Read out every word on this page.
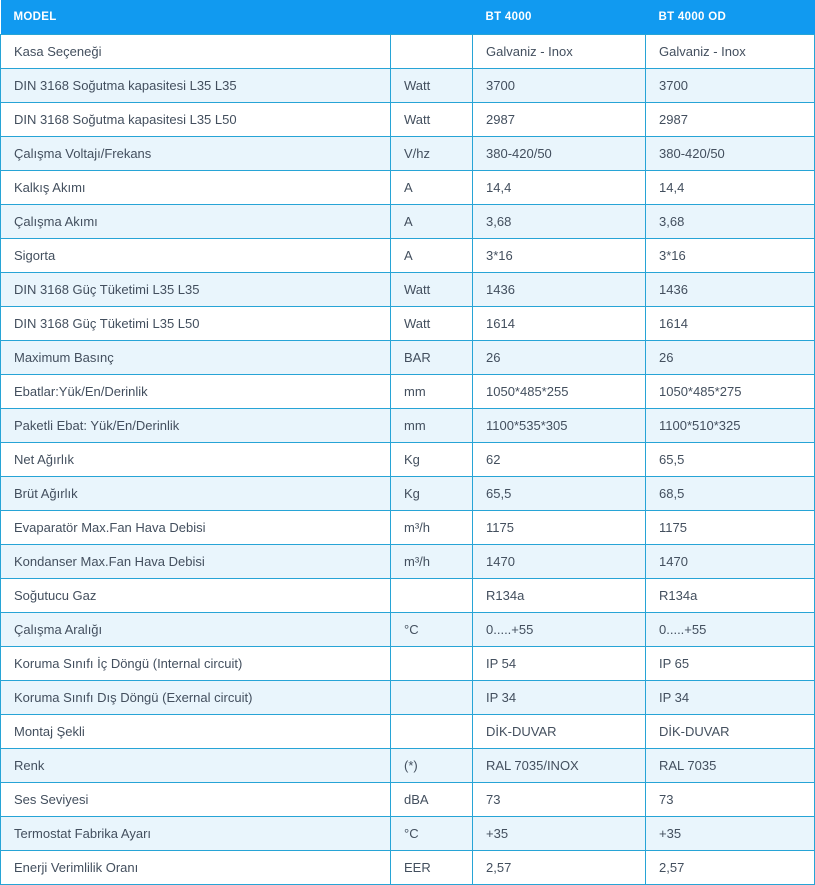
MODEL		BT 4000	BT 4000 OD
Kasa Seçeneği		Galvaniz - Inox	Galvaniz - Inox
DIN 3168 Soğutma kapasitesi L35 L35	Watt	3700	3700
DIN 3168 Soğutma kapasitesi L35 L50	Watt	2987	2987
Çalışma Voltajı/Frekans	V/hz	380-420/50	380-420/50
Kalkış Akımı	A	14,4	14,4
Çalışma Akımı	A	3,68	3,68
Sigorta	A	3*16	3*16
DIN 3168 Güç Tüketimi L35 L35	Watt	1436	1436
DIN 3168 Güç Tüketimi L35 L50	Watt	1614	1614
Maximum Basınç	BAR	26	26
Ebatlar:Yük/En/Derinlik	mm	1050*485*255	1050*485*275
Paketli Ebat: Yük/En/Derinlik	mm	1100*535*305	1100*510*325
Net Ağırlık	Kg	62	65,5
Brüt Ağırlık	Kg	65,5	68,5
Evaparatör Max.Fan Hava Debisi	m³/h	1175	1175
Kondanser Max.Fan Hava Debisi	m³/h	1470	1470
Soğutucu Gaz		R134a	R134a
Çalışma Aralığı	°C	0.....+55	0.....+55
Koruma Sınıfı İç Döngü (Internal circuit)		IP 54	IP 65
Koruma Sınıfı Dış Döngü (Exernal circuit)		IP 34	IP 34
Montaj Şekli		DİK-DUVAR	DİK-DUVAR
Renk	(*)	RAL 7035/INOX	RAL 7035
Ses Seviyesi	dBA	73	73
Termostat Fabrika Ayarı	°C	+35	+35
Enerji Verimlilik Oranı	EER	2,57	2,57
